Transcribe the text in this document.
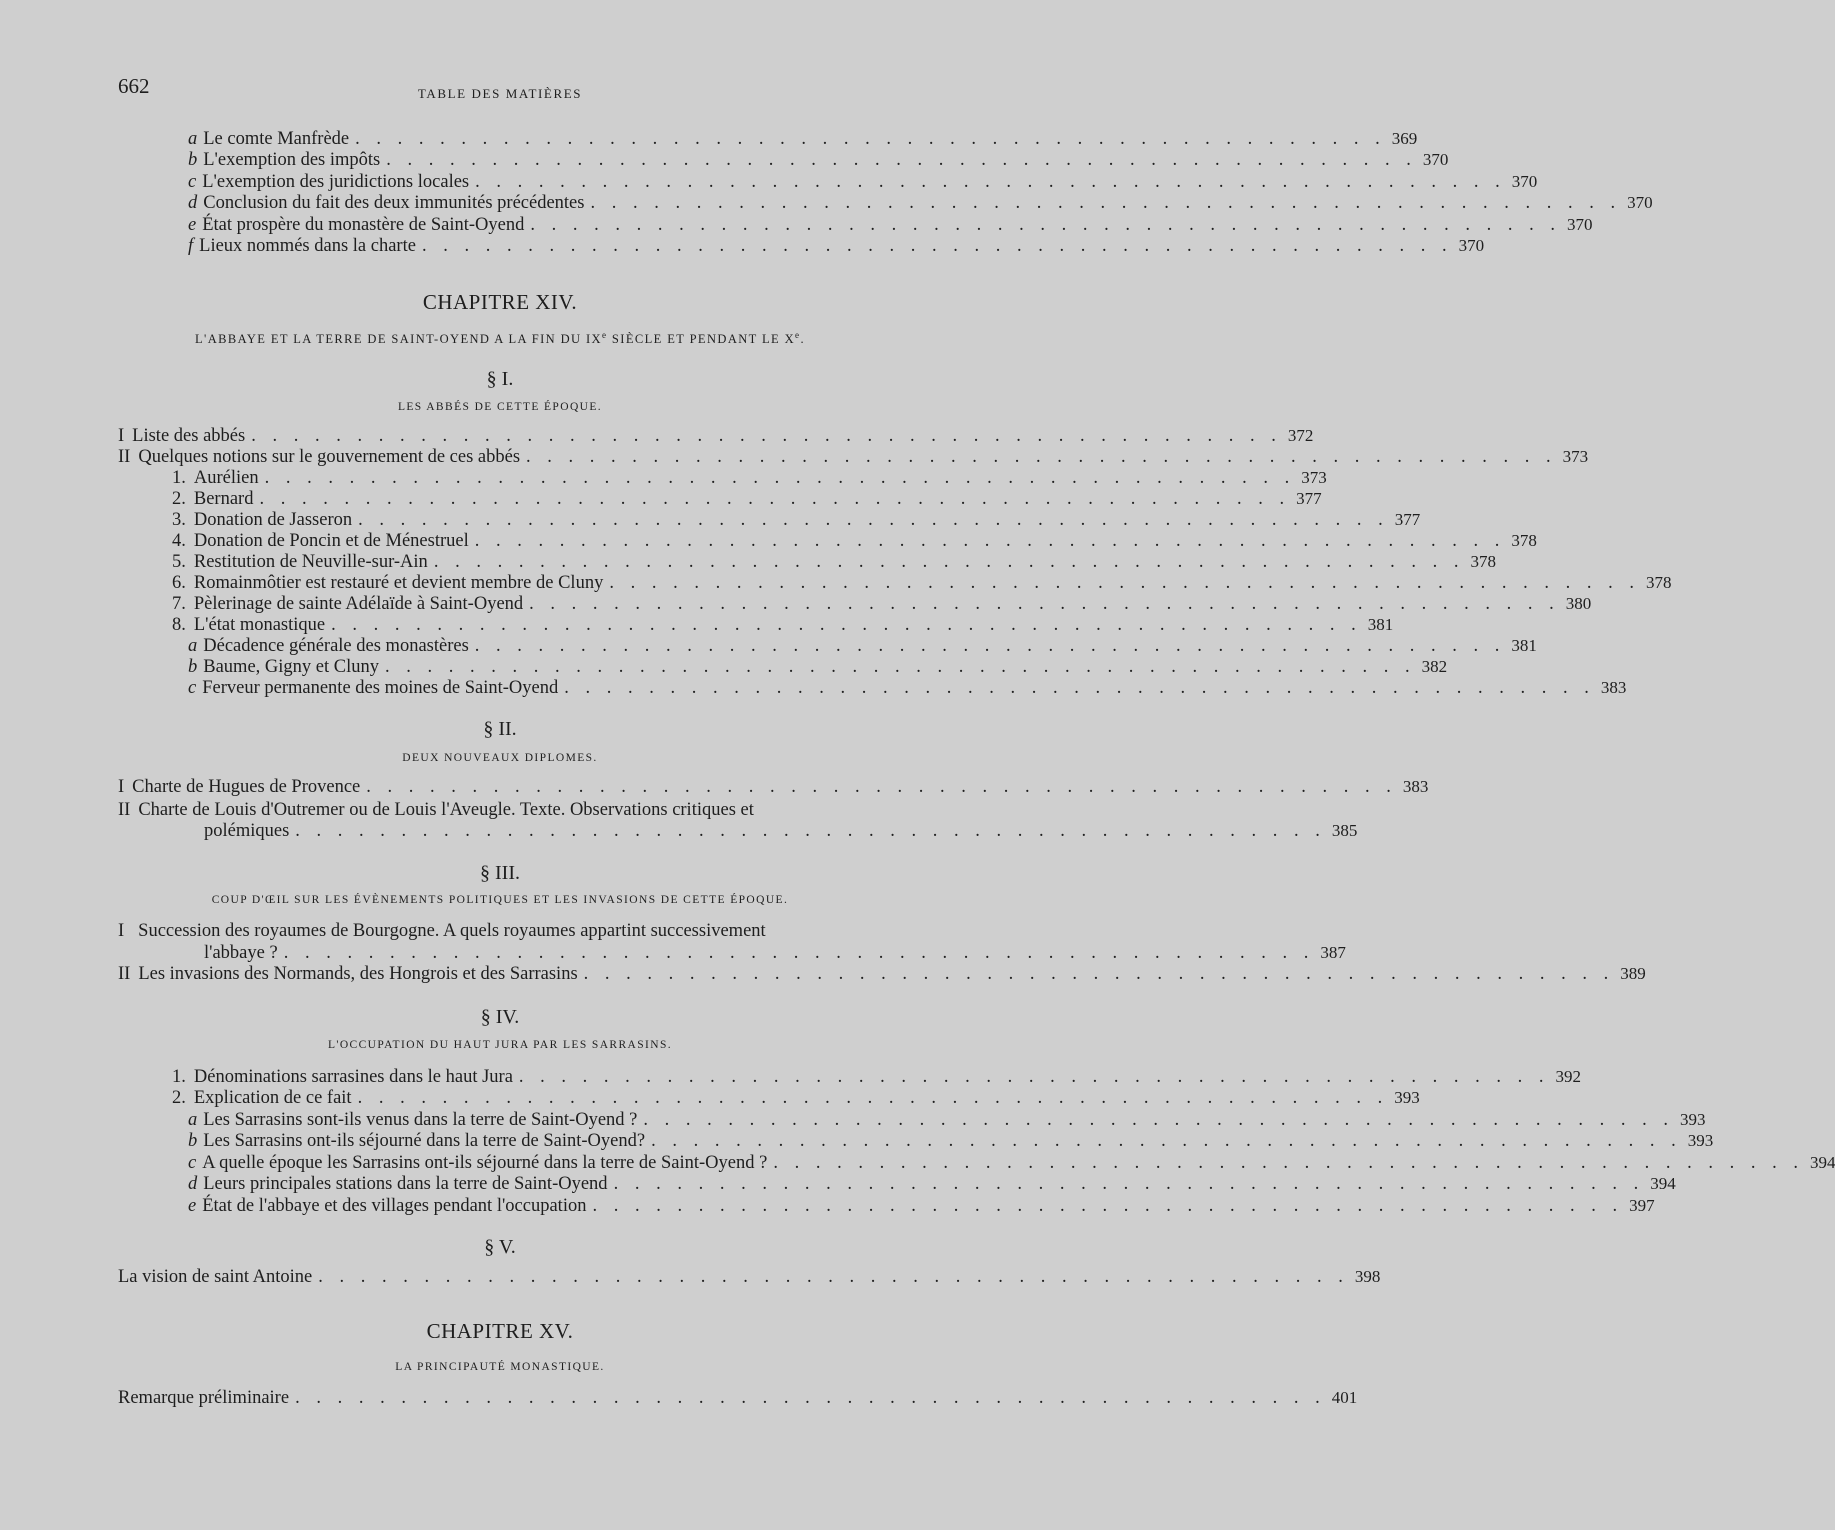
662	TABLE DES MATIÈRES
a Le comte Manfrède . . . . . . . . . . . . . . . . . . . . . . . . . . . . . . . . . . . . . . . . . . . . . . . . . 369
b L'exemption des impôts . . . . . . . . . . . . . . . . . . . . . . . . . . . . . . . . . . . . . . . . . . . . . . . . . 370
c L'exemption des juridictions locales . . . . . . . . . . . . . . . . . . . . . . . . . . . . . . . . . . . . . . . . . . . . . . . . . 370
d Conclusion du fait des deux immunités précédentes . . . . . . . . . . . . . . . . . . . . . . . . . . . . . . . . . . . . . . . . . . . . . . . . . 370
e État prospère du monastère de Saint-Oyend . . . . . . . . . . . . . . . . . . . . . . . . . . . . . . . . . . . . . . . . . . . . . . . . . 370
f Lieux nommés dans la charte . . . . . . . . . . . . . . . . . . . . . . . . . . . . . . . . . . . . . . . . . . . . . . . . . 370
CHAPITRE XIV.
L'ABBAYE ET LA TERRE DE SAINT-OYEND A LA FIN DU IXe SIÈCLE ET PENDANT LE Xe.
§ I.
LES ABBÉS DE CETTE ÉPOQUE.
I Liste des abbés . . . . . . . . . . . . . . . . . . . . . . . . . . . . . . . . . . . . . . . . . . . . . . . . . 372
II Quelques notions sur le gouvernement de ces abbés . . . . . . . . . . . . . . . . . . . . . . . . . . . . . . . . . . . . . . . . . . . . . . . . . 373
1. Aurélien . . . . . . . . . . . . . . . . . . . . . . . . . . . . . . . . . . . . . . . . . . . . . . . . . 373
2. Bernard . . . . . . . . . . . . . . . . . . . . . . . . . . . . . . . . . . . . . . . . . . . . . . . . . 377
3. Donation de Jasseron . . . . . . . . . . . . . . . . . . . . . . . . . . . . . . . . . . . . . . . . . . . . . . . . . 377
4. Donation de Poncin et de Ménestruel . . . . . . . . . . . . . . . . . . . . . . . . . . . . . . . . . . . . . . . . . . . . . . . . . 378
5. Restitution de Neuville-sur-Ain . . . . . . . . . . . . . . . . . . . . . . . . . . . . . . . . . . . . . . . . . . . . . . . . . 378
6. Romainmôtier est restauré et devient membre de Cluny . . . . . . . . . . . . . . . . . . . . . . . . . . . . . . . . . . . . . . . . . . . . . . . . . 378
7. Pèlerinage de sainte Adélaïde à Saint-Oyend . . . . . . . . . . . . . . . . . . . . . . . . . . . . . . . . . . . . . . . . . . . . . . . . . 380
8. L'état monastique . . . . . . . . . . . . . . . . . . . . . . . . . . . . . . . . . . . . . . . . . . . . . . . . . 381
a Décadence générale des monastères . . . . . . . . . . . . . . . . . . . . . . . . . . . . . . . . . . . . . . . . . . . . . . . . . 381
b Baume, Gigny et Cluny . . . . . . . . . . . . . . . . . . . . . . . . . . . . . . . . . . . . . . . . . . . . . . . . . 382
c Ferveur permanente des moines de Saint-Oyend . . . . . . . . . . . . . . . . . . . . . . . . . . . . . . . . . . . . . . . . . . . . . . . . . 383
§ II.
DEUX NOUVEAUX DIPLOMES.
I Charte de Hugues de Provence . . . . . . . . . . . . . . . . . . . . . . . . . . . . . . . . . . . . . . . . . . . . . . . . . 383
II Charte de Louis d'Outremer ou de Louis l'Aveugle. Texte. Observations critiques et
polémiques . . . . . . . . . . . . . . . . . . . . . . . . . . . . . . . . . . . . . . . . . . . . . . . . . 385
§ III.
COUP D'ŒIL SUR LES ÉVÈNEMENTS POLITIQUES ET LES INVASIONS DE CETTE ÉPOQUE.
I Succession des royaumes de Bourgogne. A quels royaumes appartint successivement
l'abbaye ? . . . . . . . . . . . . . . . . . . . . . . . . . . . . . . . . . . . . . . . . . . . . . . . . . 387
II Les invasions des Normands, des Hongrois et des Sarrasins . . . . . . . . . . . . . . . . . . . . . . . . . . . . . . . . . . . . . . . . . . . . . . . . . 389
§ IV.
L'OCCUPATION DU HAUT JURA PAR LES SARRASINS.
1. Dénominations sarrasines dans le haut Jura . . . . . . . . . . . . . . . . . . . . . . . . . . . . . . . . . . . . . . . . . . . . . . . . . 392
2. Explication de ce fait . . . . . . . . . . . . . . . . . . . . . . . . . . . . . . . . . . . . . . . . . . . . . . . . . 393
a Les Sarrasins sont-ils venus dans la terre de Saint-Oyend ? . . . . . . . . . . . . . . . . . . . . . . . . . . . . . . . . . . . . . . . . . . . . . . . . . 393
b Les Sarrasins ont-ils séjourné dans la terre de Saint-Oyend? . . . . . . . . . . . . . . . . . . . . . . . . . . . . . . . . . . . . . . . . . . . . . . . . . 393
c A quelle époque les Sarrasins ont-ils séjourné dans la terre de Saint-Oyend ? . . . . . . . . . . . . . . . . . . . . . . . . . . . . . . . . . . . . . . . . . . . . . . . . . 394
d Leurs principales stations dans la terre de Saint-Oyend . . . . . . . . . . . . . . . . . . . . . . . . . . . . . . . . . . . . . . . . . . . . . . . . . 394
e État de l'abbaye et des villages pendant l'occupation . . . . . . . . . . . . . . . . . . . . . . . . . . . . . . . . . . . . . . . . . . . . . . . . . 397
§ V.
La vision de saint Antoine . . . . . . . . . . . . . . . . . . . . . . . . . . . . . . . . . . . . . . . . . . . . . . . . . 398
CHAPITRE XV.
LA PRINCIPAUTÉ MONASTIQUE.
Remarque préliminaire . . . . . . . . . . . . . . . . . . . . . . . . . . . . . . . . . . . . . . . . . . . . . . . . . 401
